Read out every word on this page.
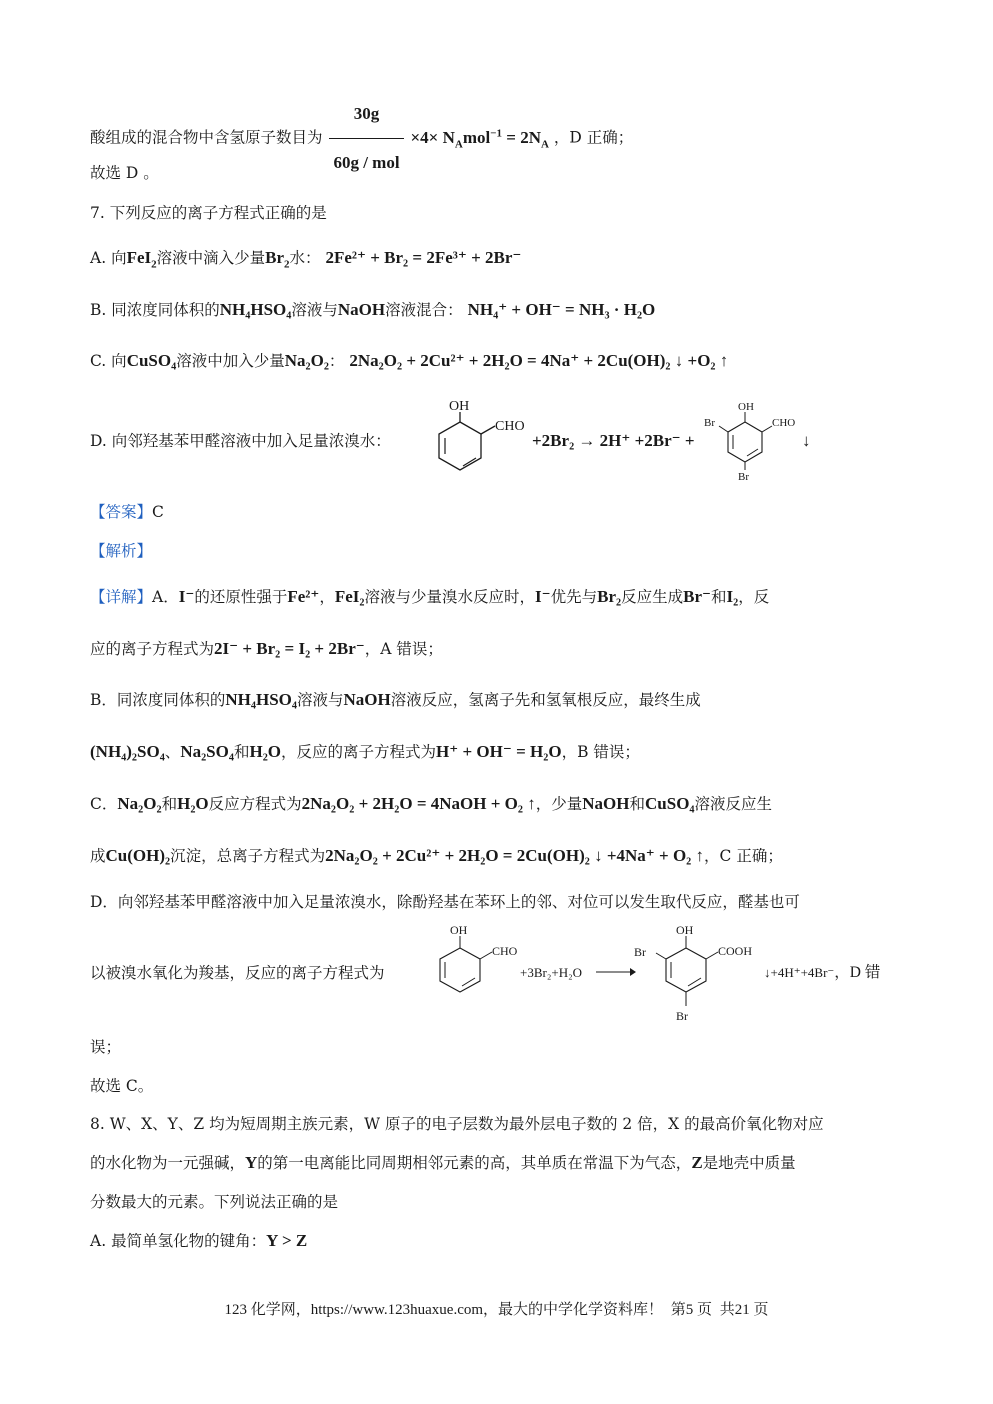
酸组成的混合物中含氢原子数目为 $\frac{30g}{\text{60g / mol}} \times 4\times N_Amol^{-1} = 2N_A$ ，D 正确；
故选 D 。
7. 下列反应的离子方程式正确的是
A. 向FeI$_2$溶液中滴入少量$Br_2$水： 2Fe²⁺ + Br₂ = 2Fe³⁺ + 2Br⁻
B. 同浓度同体积的NH₄HSO₄溶液与NaOH溶液混合： NH₄⁺ + OH⁻ = NH₃ · H₂O
C. 向CuSO₄溶液中加入少量Na₂O₂： 2Na₂O₂ + 2Cu²⁺ + 2H₂O = 4Na⁺ + 2Cu(OH)₂ ↓ +O₂ ↑
D. 向邻羟基苯甲醛溶液中加入足量浓溴水：
OH
CHO
+2Br₂ → 2H⁺ +2Br⁻ +
OH
Br	CHO
Br
↓
【答案】C
【解析】
【详解】A．I⁻的还原性强于Fe²⁺，FeI₂溶液与少量溴水反应时，I⁻优先与Br₂反应生成Br⁻和I₂，反
应的离子方程式为2I⁻ + Br₂ = I₂ + 2Br⁻，A 错误；
B．同浓度同体积的NH₄HSO₄溶液与NaOH溶液反应，氢离子先和氢氧根反应，最终生成
(NH₄)₂SO₄、Na₂SO₄和H₂O，反应的离子方程式为H⁺ + OH⁻ = H₂O，B 错误；
C．Na₂O₂和H₂O反应方程式为2Na₂O₂ + 2H₂O = 4NaOH + O₂ ↑，少量NaOH和CuSO₄溶液反应生
成Cu(OH)₂沉淀，总离子方程式为2Na₂O₂ + 2Cu²⁺ + 2H₂O = 2Cu(OH)₂ ↓ +4Na⁺ + O₂ ↑，C 正确；
D．向邻羟基苯甲醛溶液中加入足量浓溴水，除酚羟基在苯环上的邻、对位可以发生取代反应，醛基也可
以被溴水氧化为羧基，反应的离子方程式为
OH
CHO
+3Br₂+H₂O →
OH
Br	COOH
Br
↓+4H⁺+4Br⁻，D 错
误；
故选 C。
8. W、X、Y、Z 均为短周期主族元素，W 原子的电子层数为最外层电子数的 2 倍，X 的最高价氧化物对应
的水化物为一元强碱，Y的第一电离能比同周期相邻元素的高，其单质在常温下为气态，Z是地壳中质量
分数最大的元素。下列说法正确的是
A. 最简单氢化物的键角：Y > Z
123 化学网，https://www.123huaxue.com，最大的中学化学资料库！ 第5 页 共21 页
